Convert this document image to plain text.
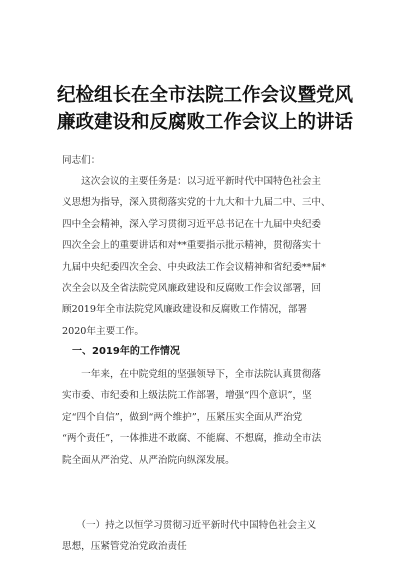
纪检组长在全市法院工作会议暨党风
廉政建设和反腐败工作会议上的讲话
同志们：
　　这次会议的主要任务是：以习近平新时代中国特色社会主
义思想为指导，深入贯彻落实党的十九大和十九届二中、三中、
四中全会精神，深入学习贯彻习近平总书记在十九届中央纪委
四次全会上的重要讲话和对**重要指示批示精神，贯彻落实十
九届中央纪委四次全会、中央政法工作会议精神和省纪委**届*
次全会以及全省法院党风廉政建设和反腐败工作会议部署，回
顾2019年全市法院党风廉政建设和反腐败工作情况，部署
2020年主要工作。
　一、2019年的工作情况
　　一年来，在中院党组的坚强领导下，全市法院认真贯彻落
实市委、市纪委和上级法院工作部署，增强“四个意识”，坚
定“四个自信”，做到“两个维护”，压紧压实全面从严治党
“两个责任”，一体推进不敢腐、不能腐、不想腐，推动全市法
院全面从严治党、从严治院向纵深发展。
　　（一）持之以恒学习贯彻习近平新时代中国特色社会主义
思想，压紧管党治党政治责任
